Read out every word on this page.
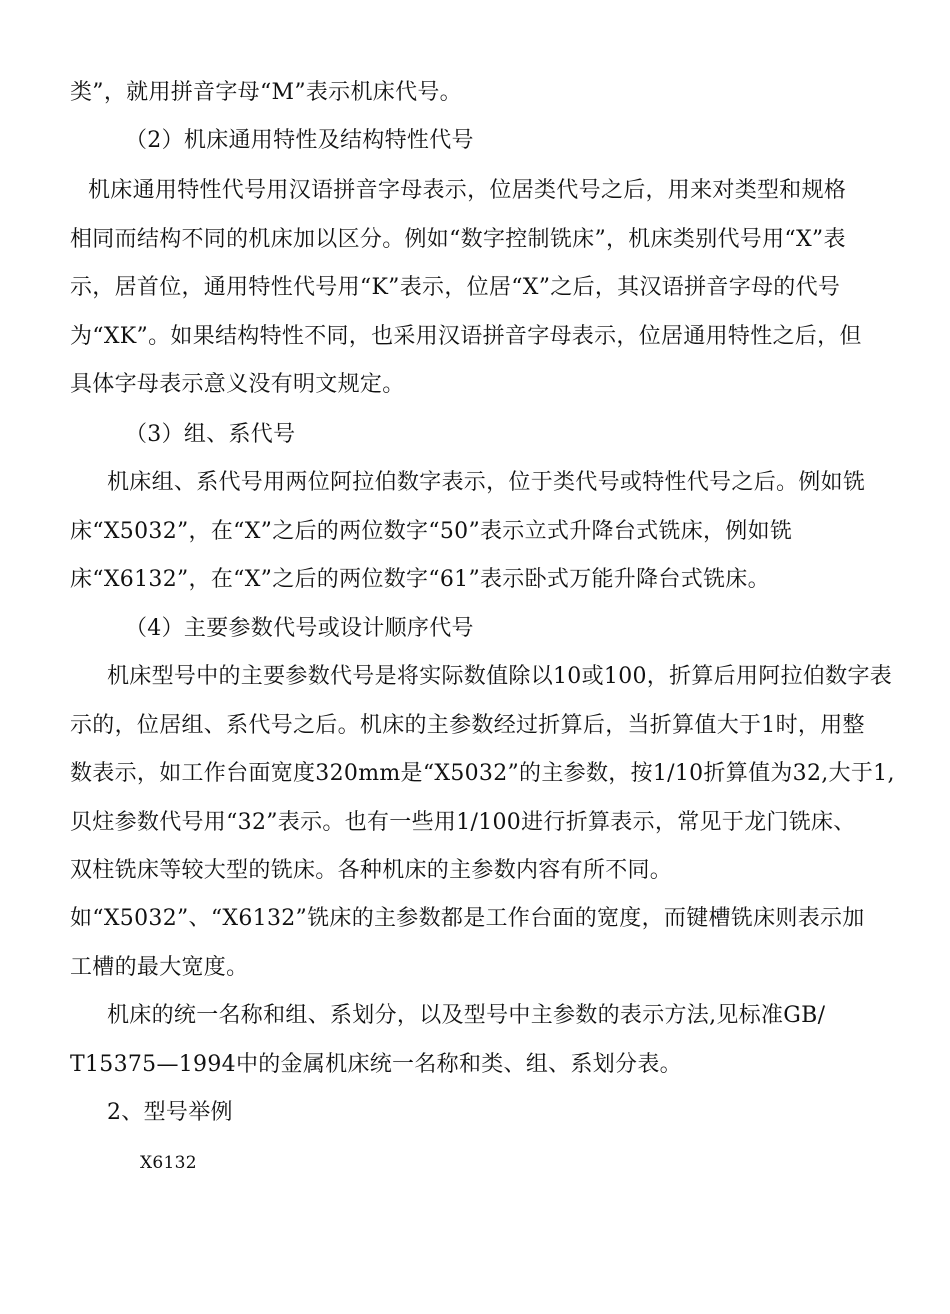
类”，就用拼音字母“M”表示机床代号。
（2）机床通用特性及结构特性代号
机床通用特性代号用汉语拼音字母表示，位居类代号之后，用来对类型和规格
相同而结构不同的机床加以区分。例如“数字控制铣床”，机床类别代号用“X”表
示，居首位，通用特性代号用“K”表示，位居“X”之后，其汉语拼音字母的代号
为“XK”。如果结构特性不同，也采用汉语拼音字母表示，位居通用特性之后，但
具体字母表示意义没有明文规定。
（3）组、系代号
机床组、系代号用两位阿拉伯数字表示，位于类代号或特性代号之后。例如铣
床“X5032”，在“X”之后的两位数字“50”表示立式升降台式铣床，例如铣
床“X6132”，在“X”之后的两位数字“61”表示卧式万能升降台式铣床。
（4）主要参数代号或设计顺序代号
机床型号中的主要参数代号是将实际数值除以10或100，折算后用阿拉伯数字表
示的，位居组、系代号之后。机床的主参数经过折算后，当折算值大于1时，用整
数表示，如工作台面宽度320mm是“X5032”的主参数，按1/10折算值为32,大于1,
贝炷参数代号用“32”表示。也有一些用1/100进行折算表示，常见于龙门铣床、
双柱铣床等较大型的铣床。各种机床的主参数内容有所不同。
如“X5032”、“X6132”铣床的主参数都是工作台面的宽度，而键槽铣床则表示加
工槽的最大宽度。
机床的统一名称和组、系划分，以及型号中主参数的表示方法,见标准GB/
T15375—1994中的金属机床统一名称和类、组、系划分表。
2、型号举例
X6132
